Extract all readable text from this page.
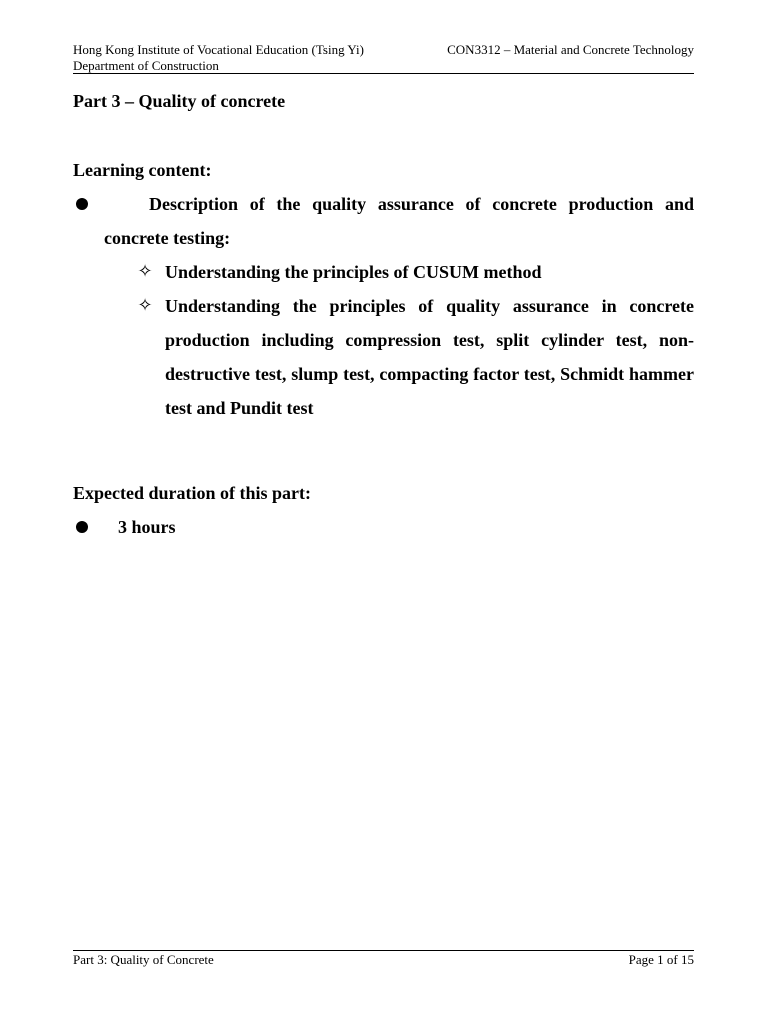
Hong Kong Institute of Vocational Education (Tsing Yi)	CON3312 – Material and Concrete Technology
Department of Construction
Part 3 – Quality of concrete
Learning content:
Description of the quality assurance of concrete production and concrete testing:
✧ Understanding the principles of CUSUM method
✧ Understanding the principles of quality assurance in concrete production including compression test, split cylinder test, non-destructive test, slump test, compacting factor test, Schmidt hammer test and Pundit test
Expected duration of this part:
3 hours
Part 3: Quality of Concrete	Page 1 of 15
